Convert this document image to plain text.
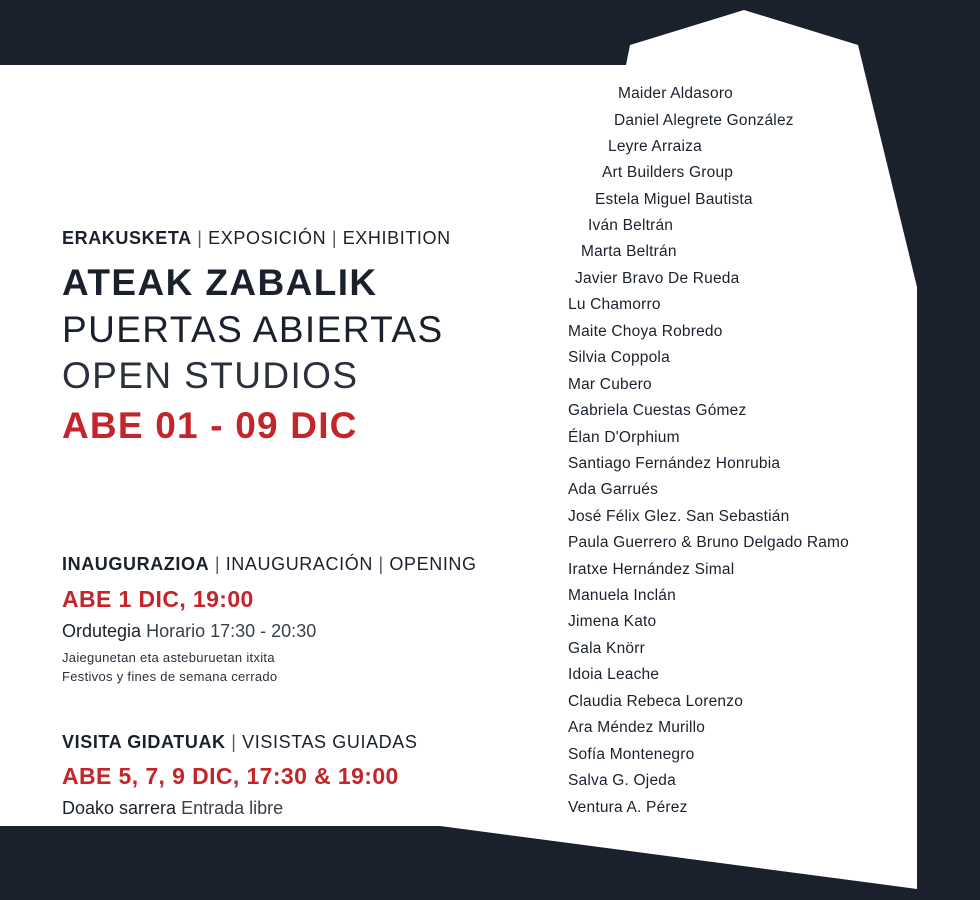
ERAKUSKETA | EXPOSICIÓN | EXHIBITION
ATEAK ZABALIK
PUERTAS ABIERTAS
OPEN STUDIOS
ABE 01 - 09 DIC
INAUGURAZIOA | INAUGURACIÓN | OPENING
ABE 1 DIC, 19:00
Ordutegia Horario 17:30 - 20:30
Jaiegunetan eta asteburuetan itxita
Festivos y fines de semana cerrado
VISITA GIDATUAK | VISISTAS GUIADAS
ABE 5, 7, 9 DIC, 17:30 & 19:00
Doako sarrera Entrada libre
Maider Aldasoro
Daniel Alegrete González
Leyre Arraiza
Art Builders Group
Estela Miguel Bautista
Iván Beltrán
Marta Beltrán
Javier Bravo De Rueda
Lu Chamorro
Maite Choya Robredo
Silvia Coppola
Mar Cubero
Gabriela Cuestas Gómez
Élan D'Orphium
Santiago Fernández Honrubia
Ada Garrués
José Félix Glez. San Sebastián
Paula Guerrero & Bruno Delgado Ramo
Iratxe Hernández Simal
Manuela Inclán
Jimena Kato
Gala Knörr
Idoia Leache
Claudia Rebeca Lorenzo
Ara Méndez Murillo
Sofía Montenegro
Salva G. Ojeda
Ventura A. Pérez
